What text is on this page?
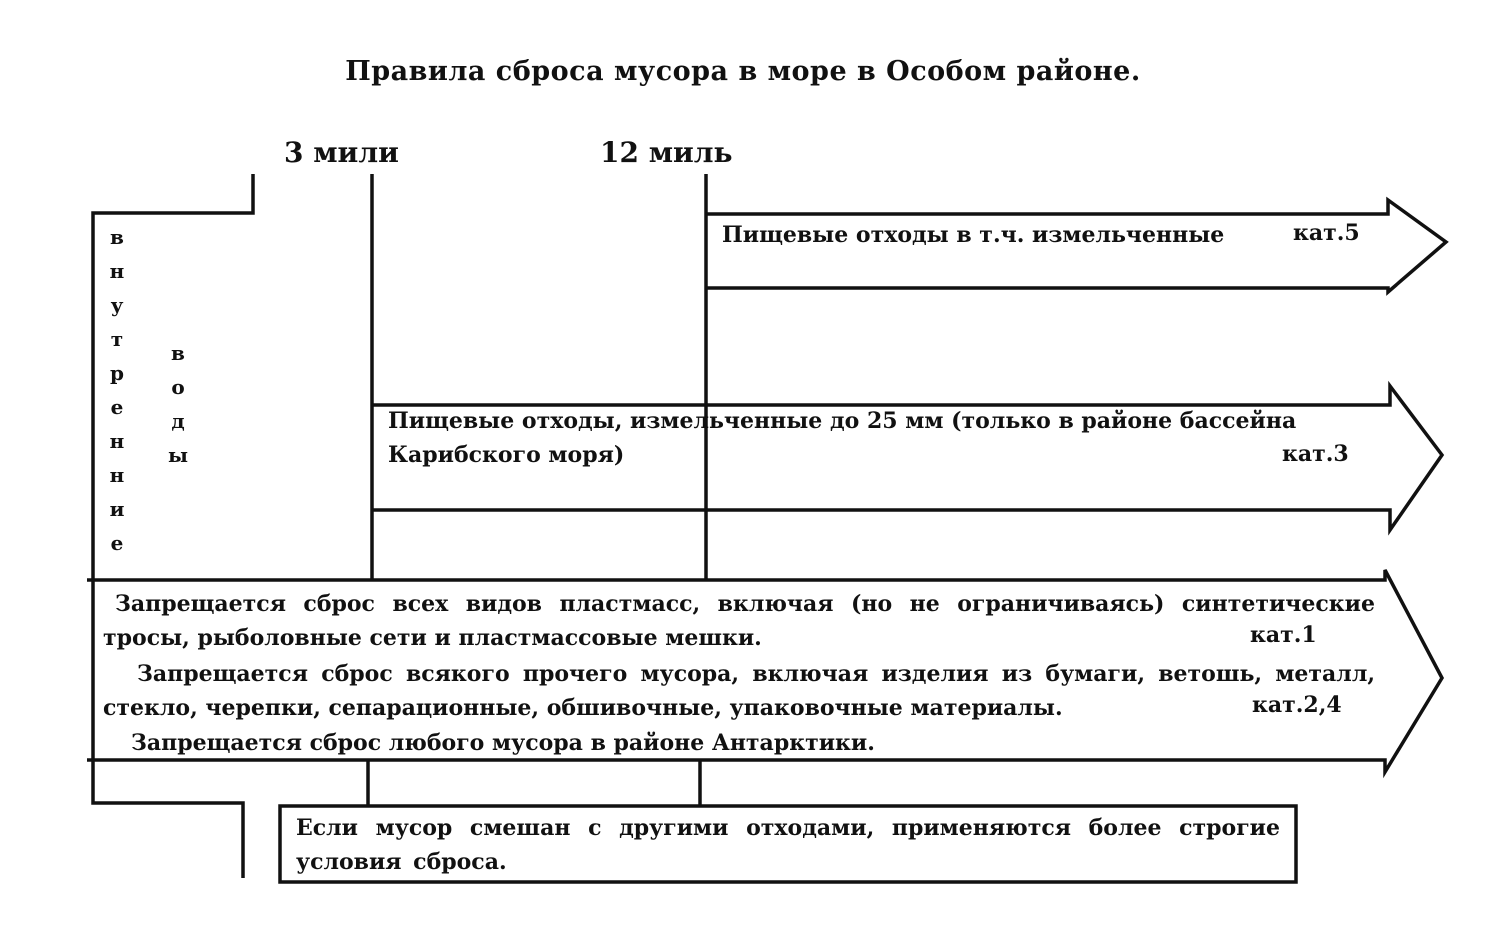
Правила сброса мусора в море в Особом районе.
3 мили	12 миль
в
н
у
т
р
е
н
н
и
е
в
о
д
ы
Пищевые отходы в т.ч. измельченные	кат.5
Пищевые отходы, измельченные до 25 мм (только в районе бассейна
Карибского моря)	кат.3
Запрещается сброс всех видов пластмасс, включая (но не ограничиваясь) синтетические тросы, рыболовные сети и пластмассовые мешки.	кат.1
Запрещается сброс всякого прочего мусора, включая изделия из бумаги, ветошь, металл, стекло, черепки, сепарационные, обшивочные, упаковочные материалы.	кат.2,4
Запрещается сброс любого мусора в районе Антарктики.
Если мусор смешан с другими отходами, применяются более строгие условия сброса.
